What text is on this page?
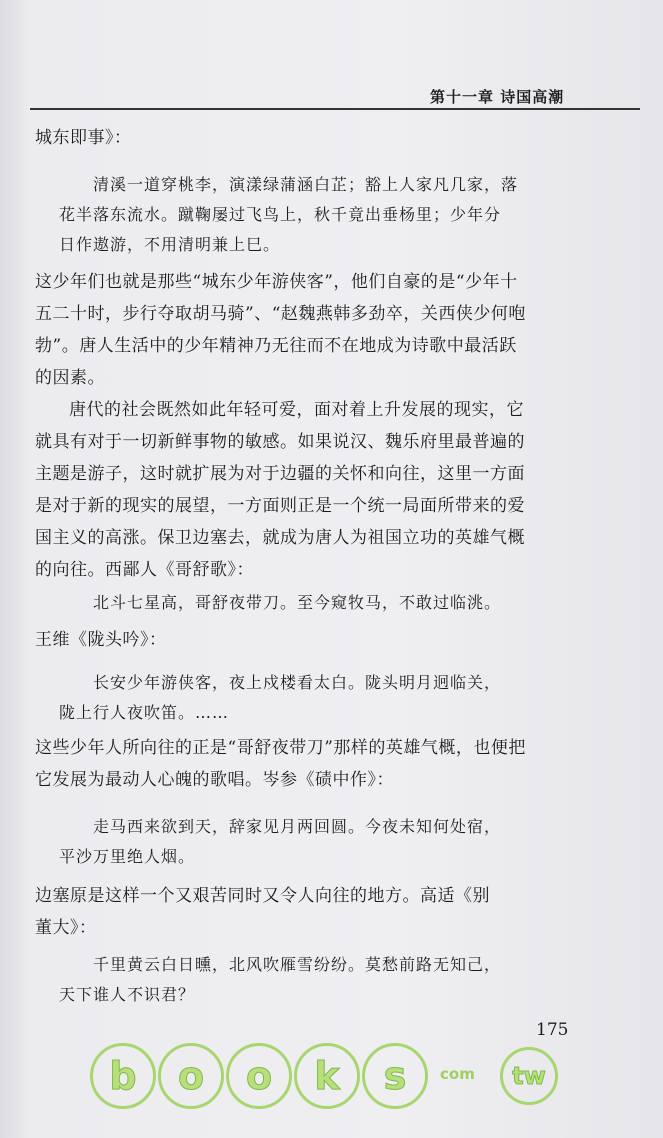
第十一章 诗国高潮
城东即事》：
清溪一道穿桃李，演漾绿蒲涵白芷；豁上人家凡几家，落
花半落东流水。蹴鞠屡过飞鸟上，秋千竟出垂杨里；少年分
日作遨游，不用清明兼上巳。
这少年们也就是那些“城东少年游侠客”，他们自豪的是“少年十
五二十时，步行夺取胡马骑”、“赵魏燕韩多劲卒，关西侠少何咆
勃”。唐人生活中的少年精神乃无往而不在地成为诗歌中最活跃
的因素。
唐代的社会既然如此年轻可爱，面对着上升发展的现实，它
就具有对于一切新鲜事物的敏感。如果说汉、魏乐府里最普遍的
主题是游子，这时就扩展为对于边疆的关怀和向往，这里一方面
是对于新的现实的展望，一方面则正是一个统一局面所带来的爱
国主义的高涨。保卫边塞去，就成为唐人为祖国立功的英雄气概
的向往。西鄙人《哥舒歌》：
北斗七星高，哥舒夜带刀。至今窥牧马，不敢过临洮。
王维《陇头吟》：
长安少年游侠客，夜上戍楼看太白。陇头明月迥临关，
陇上行人夜吹笛。……
这些少年人所向往的正是“哥舒夜带刀”那样的英雄气概，也便把
它发展为最动人心魄的歌唱。岑参《碛中作》：
走马西来欲到天，辞家见月两回圆。今夜未知何处宿，
平沙万里绝人烟。
边塞原是这样一个又艰苦同时又令人向往的地方。高适《别
董大》：
千里黄云白日曛，北风吹雁雪纷纷。莫愁前路无知己，
天下谁人不识君？
175
b	o	o	k	s	com	tw
